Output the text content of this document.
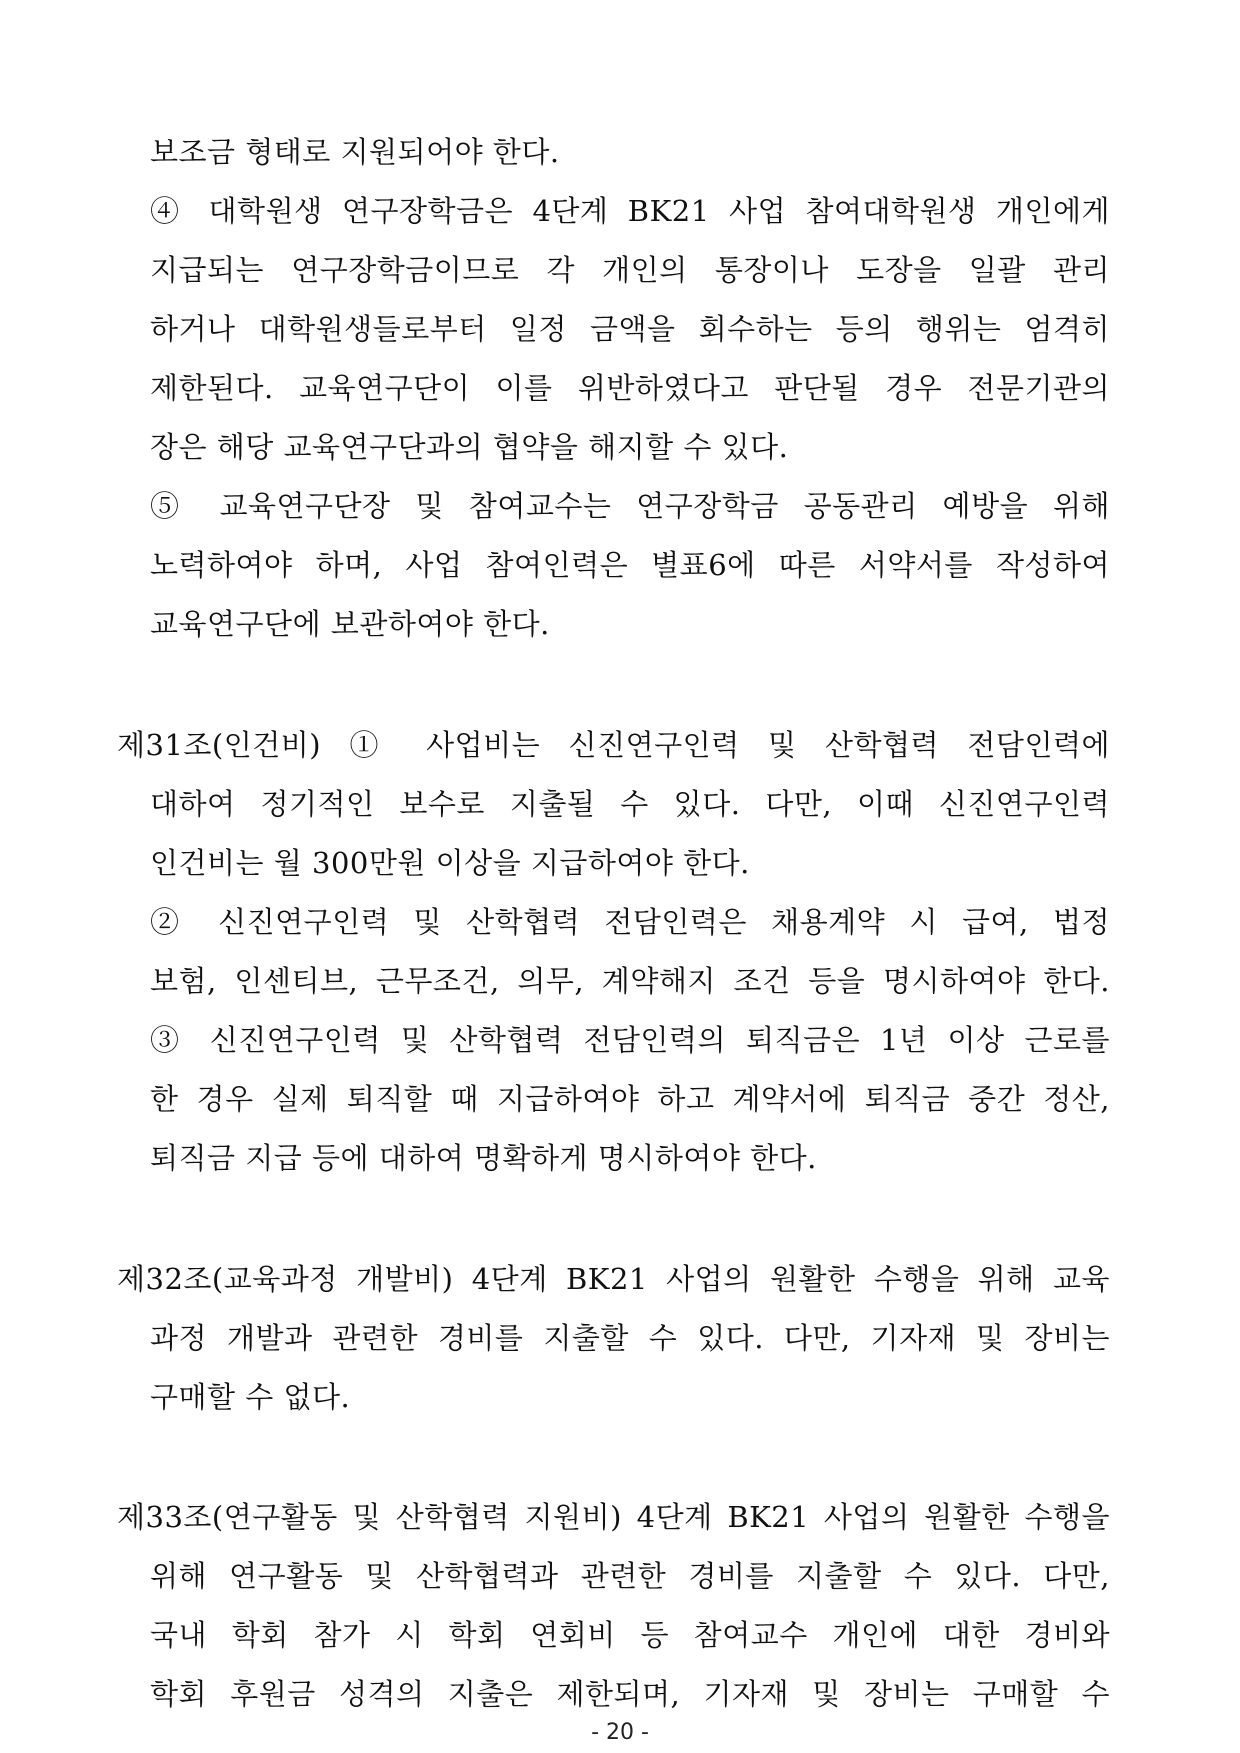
보조금 형태로 지원되어야 한다.
④ 대학원생 연구장학금은 4단계 BK21 사업 참여대학원생 개인에게
지급되는 연구장학금이므로 각 개인의 통장이나 도장을 일괄 관리
하거나 대학원생들로부터 일정 금액을 회수하는 등의 행위는 엄격히
제한된다. 교육연구단이 이를 위반하였다고 판단될 경우 전문기관의
장은 해당 교육연구단과의 협약을 해지할 수 있다.
⑤ 교육연구단장 및 참여교수는 연구장학금 공동관리 예방을 위해
노력하여야 하며, 사업 참여인력은 별표6에 따른 서약서를 작성하여
교육연구단에 보관하여야 한다.
제31조(인건비) ① 사업비는 신진연구인력 및 산학협력 전담인력에
대하여 정기적인 보수로 지출될 수 있다. 다만, 이때 신진연구인력
인건비는 월 300만원 이상을 지급하여야 한다.
② 신진연구인력 및 산학협력 전담인력은 채용계약 시 급여, 법정
보험, 인센티브, 근무조건, 의무, 계약해지 조건 등을 명시하여야 한다.
③ 신진연구인력 및 산학협력 전담인력의 퇴직금은 1년 이상 근로를
한 경우 실제 퇴직할 때 지급하여야 하고 계약서에 퇴직금 중간 정산,
퇴직금 지급 등에 대하여 명확하게 명시하여야 한다.
제32조(교육과정 개발비) 4단계 BK21 사업의 원활한 수행을 위해 교육
과정 개발과 관련한 경비를 지출할 수 있다. 다만, 기자재 및 장비는
구매할 수 없다.
제33조(연구활동 및 산학협력 지원비) 4단계 BK21 사업의 원활한 수행을
위해 연구활동 및 산학협력과 관련한 경비를 지출할 수 있다. 다만,
국내 학회 참가 시 학회 연회비 등 참여교수 개인에 대한 경비와
학회 후원금 성격의 지출은 제한되며, 기자재 및 장비는 구매할 수
- 20 -
